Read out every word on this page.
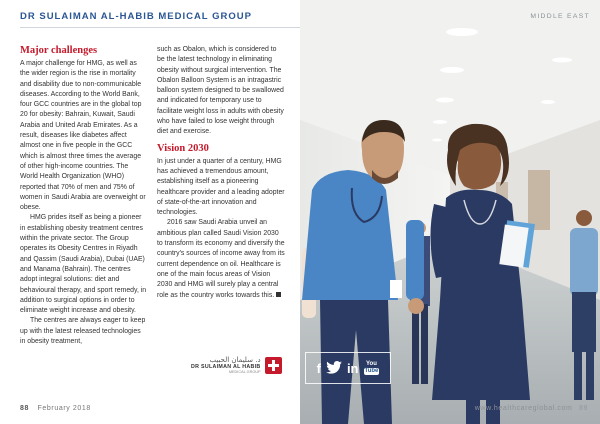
DR SULAIMAN AL-HABIB MEDICAL GROUP
Major challenges

A major challenge for HMG, as well as the wider region is the rise in mortality and disability due to non-communicable diseases. According to the World Bank, four GCC countries are in the global top 20 for obesity: Bahrain, Kuwait, Saudi Arabia and United Arab Emirates. As a result, diseases like diabetes affect almost one in five people in the GCC which is almost three times the average of other high-income countries. The World Health Organization (WHO) reported that 70% of men and 75% of women in Saudi Arabia are overweight or obese.

HMG prides itself as being a pioneer in establishing obesity treatment centres within the private sector. The Group operates its Obesity Centres in Riyadh and Qassim (Saudi Arabia), Dubai (UAE) and Manama (Bahrain). The centres adopt integral solutions: diet and behavioural therapy, and sport remedy, in addition to surgical options in order to eliminate weight increase and obesity.

The centres are always eager to keep up with the latest released technologies in obesity treatment,

such as Obalon, which is considered to be the latest technology in eliminating obesity without surgical intervention. The Obalon Balloon System is an intragastric balloon system designed to be swallowed and indicated for temporary use to facilitate weight loss in adults with obesity who have failed to lose weight through diet and exercise.

Vision 2030

In just under a quarter of a century, HMG has achieved a tremendous amount, establishing itself as a pioneering healthcare provider and a leading adopter of state-of-the-art innovation and technologies.

2016 saw Saudi Arabia unveil an ambitious plan called Saudi Vision 2030 to transform its economy and diversify the country's sources of income away from its current dependence on oil. Healthcare is one of the main focus areas of Vision 2030 and HMG will surely play a central role as the country works towards this.

د. سليمان الحبيب
DR SULAIMAN AL HABIB
MEDICAL GROUP
88 February 2018
MIDDLE EAST
f in You
Tube
www.healthcareglobal.com 89
